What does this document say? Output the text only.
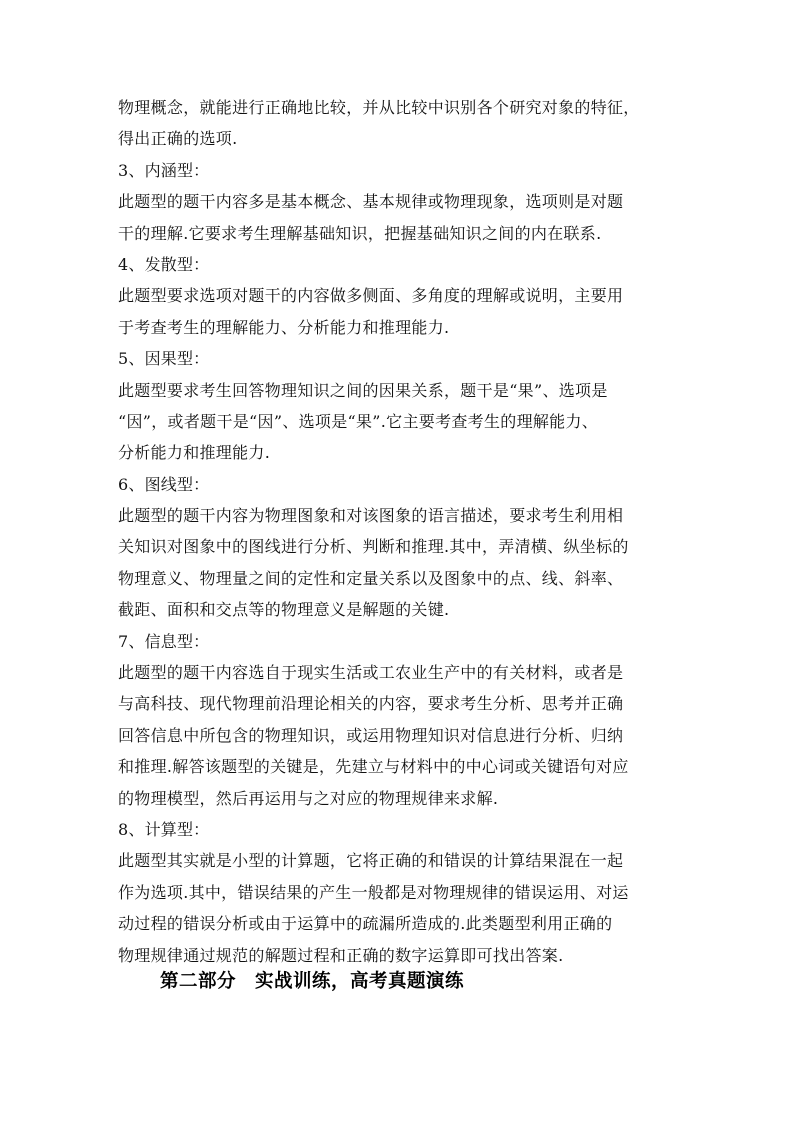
物理概念，就能进行正确地比较，并从比较中识别各个研究对象的特征，
得出正确的选项.
3、内涵型：
此题型的题干内容多是基本概念、基本规律或物理现象，选项则是对题
干的理解.它要求考生理解基础知识，把握基础知识之间的内在联系.
4、发散型：
此题型要求选项对题干的内容做多侧面、多角度的理解或说明，主要用
于考查考生的理解能力、分析能力和推理能力.
5、因果型：
此题型要求考生回答物理知识之间的因果关系，题干是“果”、选项是
“因”，或者题干是“因”、选项是“果”.它主要考查考生的理解能力、
分析能力和推理能力.
6、图线型：
此题型的题干内容为物理图象和对该图象的语言描述，要求考生利用相
关知识对图象中的图线进行分析、判断和推理.其中，弄清横、纵坐标的
物理意义、物理量之间的定性和定量关系以及图象中的点、线、斜率、
截距、面积和交点等的物理意义是解题的关键.
7、信息型：
此题型的题干内容选自于现实生活或工农业生产中的有关材料，或者是
与高科技、现代物理前沿理论相关的内容，要求考生分析、思考并正确
回答信息中所包含的物理知识，或运用物理知识对信息进行分析、归纳
和推理.解答该题型的关键是，先建立与材料中的中心词或关键语句对应
的物理模型，然后再运用与之对应的物理规律来求解.
8、计算型：
此题型其实就是小型的计算题，它将正确的和错误的计算结果混在一起
作为选项.其中，错误结果的产生一般都是对物理规律的错误运用、对运
动过程的错误分析或由于运算中的疏漏所造成的.此类题型利用正确的
物理规律通过规范的解题过程和正确的数字运算即可找出答案.
第二部分　实战训练，高考真题演练
